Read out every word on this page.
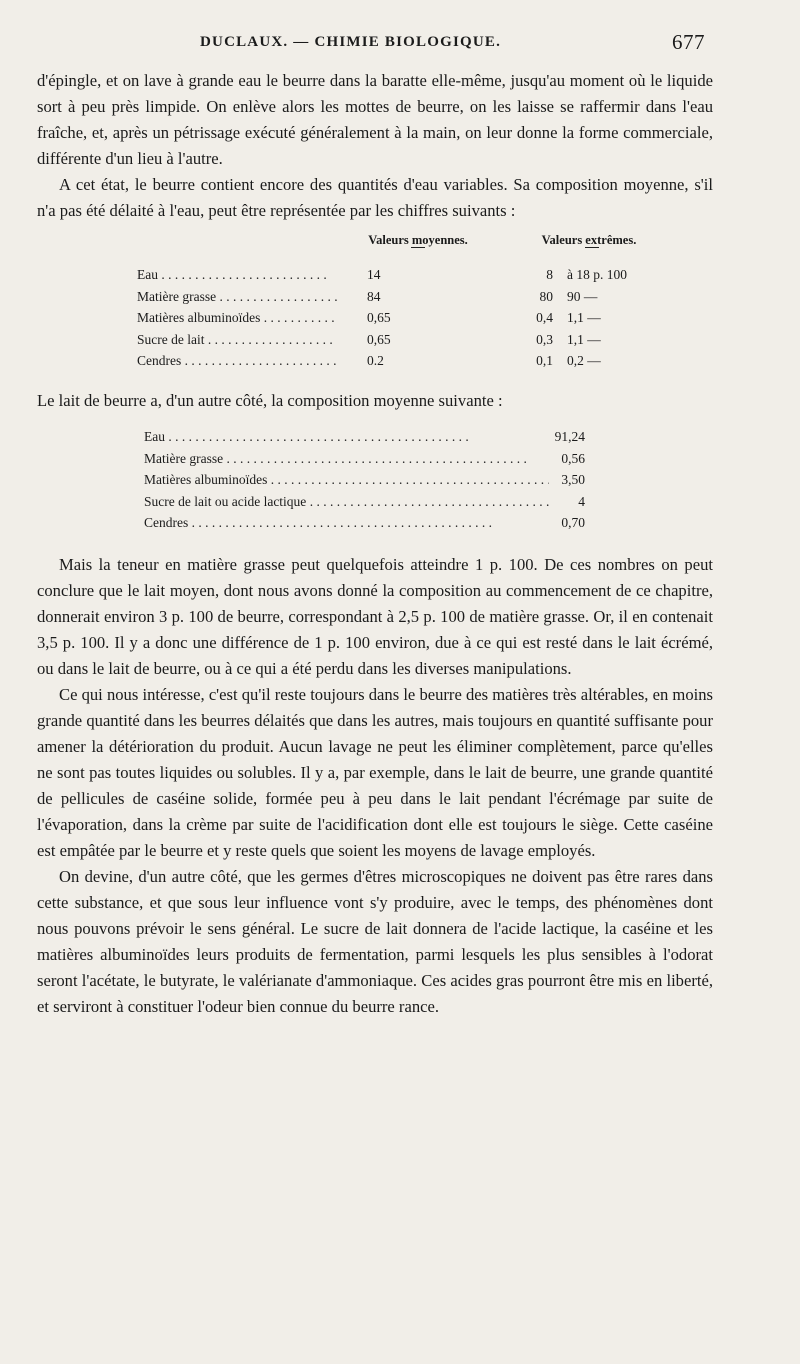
DUCLAUX. — CHIMIE BIOLOGIQUE.	677

d'épingle, et on lave à grande eau le beurre dans la baratte elle-même, jusqu'au moment où le liquide sort à peu près limpide. On enlève alors les mottes de beurre, on les laisse se raffermir dans l'eau fraîche, et, après un pétrissage exécuté généralement à la main, on leur donne la forme commerciale, différente d'un lieu à l'autre.

A cet état, le beurre contient encore des quantités d'eau variables. Sa composition moyenne, s'il n'a pas été délaité à l'eau, peut être représentée par les chiffres suivants :

Valeurs moyennes.	Valeurs extrêmes.
Eau . . .	14	8 à 18 p. 100
Matière grasse . . .	84	80 90 —
Matières albuminoïdes . . .	0,65	0,4 1,1 —
Sucre de lait . . .	0,65	0,3 1,1 —
Cendres . . .	0.2	0,1 0,2 —

Le lait de beurre a, d'un autre côté, la composition moyenne suivante :

Eau . . .	91,24
Matière grasse . . .	0,56
Matières albuminoïdes . . .	3,50
Sucre de lait ou acide lactique . . .	4
Cendres . . .	0,70

Mais la teneur en matière grasse peut quelquefois atteindre 1 p. 100. De ces nombres on peut conclure que le lait moyen, dont nous avons donné la composition au commencement de ce chapitre, donnerait environ 3 p. 100 de beurre, correspondant à 2,5 p. 100 de matière grasse. Or, il en contenait 3,5 p. 100. Il y a donc une différence de 1 p. 100 environ, due à ce qui est resté dans le lait écrémé, ou dans le lait de beurre, ou à ce qui a été perdu dans les diverses manipulations.

Ce qui nous intéresse, c'est qu'il reste toujours dans le beurre des matières très altérables, en moins grande quantité dans les beurres délaités que dans les autres, mais toujours en quantité suffisante pour amener la détérioration du produit. Aucun lavage ne peut les éliminer complètement, parce qu'elles ne sont pas toutes liquides ou solubles. Il y a, par exemple, dans le lait de beurre, une grande quantité de pellicules de caséine solide, formée peu à peu dans le lait pendant l'écrémage par suite de l'évaporation, dans la crème par suite de l'acidification dont elle est toujours le siège. Cette caséine est empâtée par le beurre et y reste quels que soient les moyens de lavage employés.

On devine, d'un autre côté, que les germes d'êtres microscopiques ne doivent pas être rares dans cette substance, et que sous leur influence vont s'y produire, avec le temps, des phénomènes dont nous pouvons prévoir le sens général. Le sucre de lait donnera de l'acide lactique, la caséine et les matières albuminoïdes leurs produits de fermentation, parmi lesquels les plus sensibles à l'odorat seront l'acétate, le butyrate, le valérianate d'ammoniaque. Ces acides gras pourront être mis en liberté, et serviront à constituer l'odeur bien connue du beurre rance.
